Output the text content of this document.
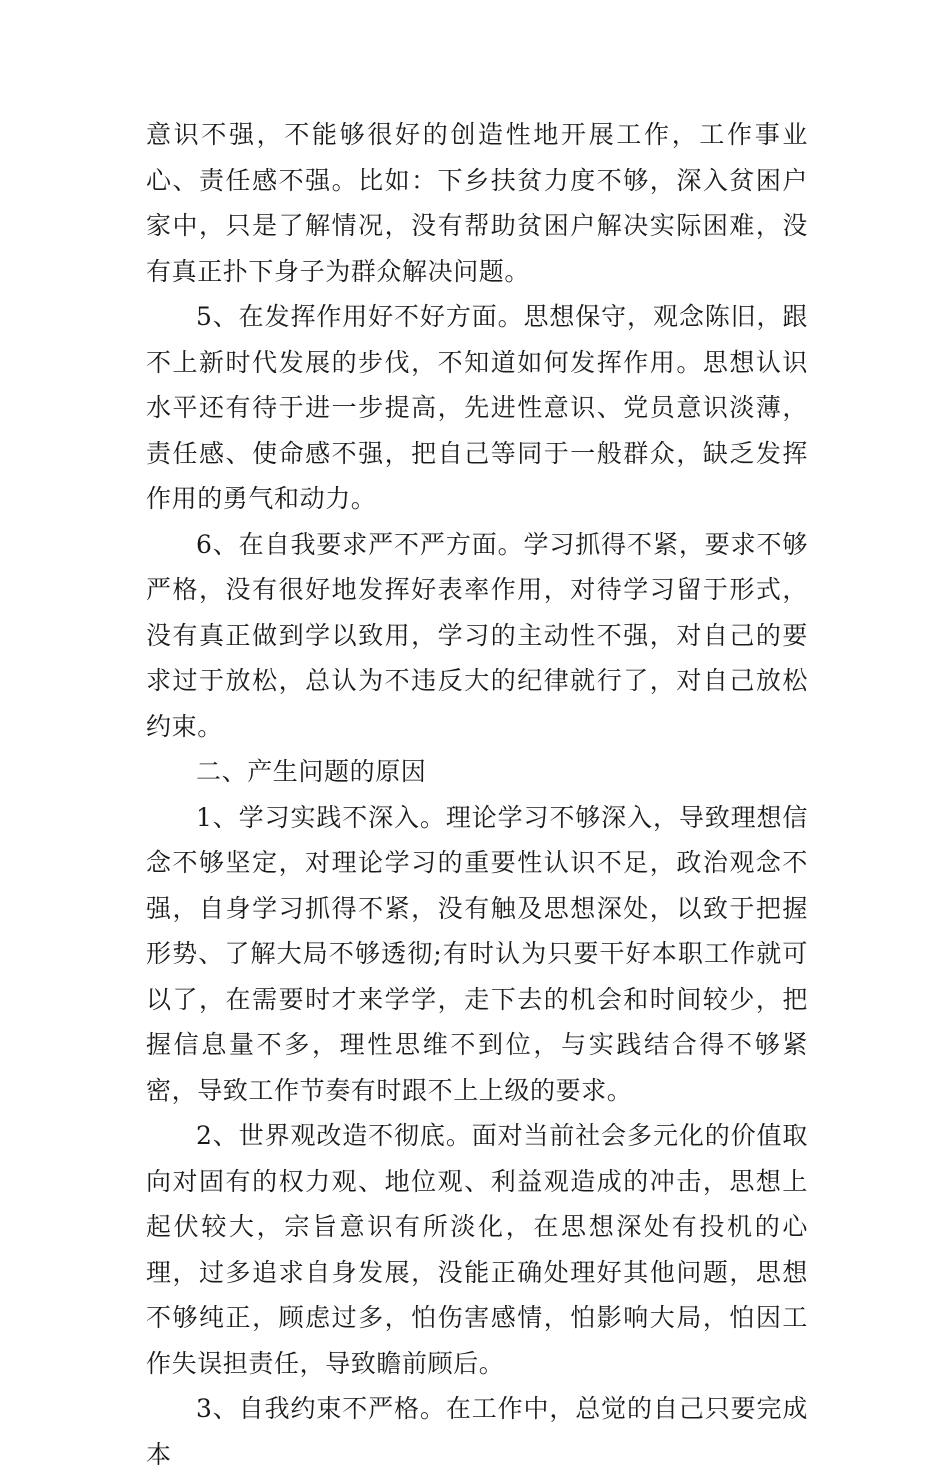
意识不强，不能够很好的创造性地开展工作，工作事业心、责任感不强。比如：下乡扶贫力度不够，深入贫困户家中，只是了解情况，没有帮助贫困户解决实际困难，没有真正扑下身子为群众解决问题。

5、在发挥作用好不好方面。思想保守，观念陈旧，跟不上新时代发展的步伐，不知道如何发挥作用。思想认识水平还有待于进一步提高，先进性意识、党员意识淡薄，责任感、使命感不强，把自己等同于一般群众，缺乏发挥作用的勇气和动力。

6、在自我要求严不严方面。学习抓得不紧，要求不够严格，没有很好地发挥好表率作用，对待学习留于形式，没有真正做到学以致用，学习的主动性不强，对自己的要求过于放松，总认为不违反大的纪律就行了，对自己放松约束。

二、产生问题的原因

1、学习实践不深入。理论学习不够深入，导致理想信念不够坚定，对理论学习的重要性认识不足，政治观念不强，自身学习抓得不紧，没有触及思想深处，以致于把握形势、了解大局不够透彻;有时认为只要干好本职工作就可以了，在需要时才来学学，走下去的机会和时间较少，把握信息量不多，理性思维不到位，与实践结合得不够紧密，导致工作节奏有时跟不上上级的要求。

2、世界观改造不彻底。面对当前社会多元化的价值取向对固有的权力观、地位观、利益观造成的冲击，思想上起伏较大，宗旨意识有所淡化，在思想深处有投机的心理，过多追求自身发展，没能正确处理好其他问题，思想不够纯正，顾虑过多，怕伤害感情，怕影响大局，怕因工作失误担责任，导致瞻前顾后。

3、自我约束不严格。在工作中，总觉的自己只要完成本
